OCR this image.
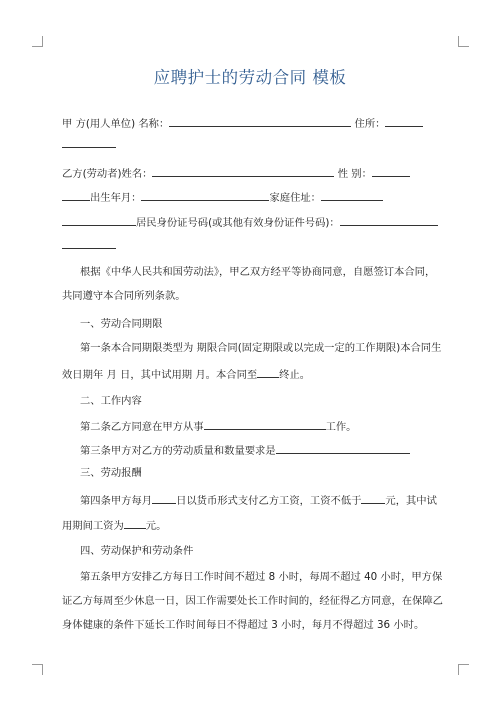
应聘护士的劳动合同 模板
甲 方(用人单位) 名称：	住所：
乙方(劳动者)姓名：	性 别：
出生年月：	家庭住址：
居民身份证号码(或其他有效身份证件号码)：
根据《中华人民共和国劳动法》，甲乙双方经平等协商同意，自愿签订本合同，
共同遵守本合同所列条款。
一、劳动合同期限
第一条本合同期限类型为 期限合同(固定期限或以完成一定的工作期限)本合同生
效日期年 月 日，其中试用期 月。本合同至 终止。
二、工作内容
第二条乙方同意在甲方从事	工作。
第三条甲方对乙方的劳动质量和数量要求是
三、劳动报酬
第四条甲方每月 日以货币形式支付乙方工资，工资不低于 元，其中试
用期间工资为 元。
四、劳动保护和劳动条件
第五条甲方安排乙方每日工作时间不超过 8 小时，每周不超过 40 小时，甲方保
证乙方每周至少休息一日，因工作需要处长工作时间的，经征得乙方同意，在保障乙
身体健康的条件下延长工作时间每日不得超过 3 小时，每月不得超过 36 小时。
